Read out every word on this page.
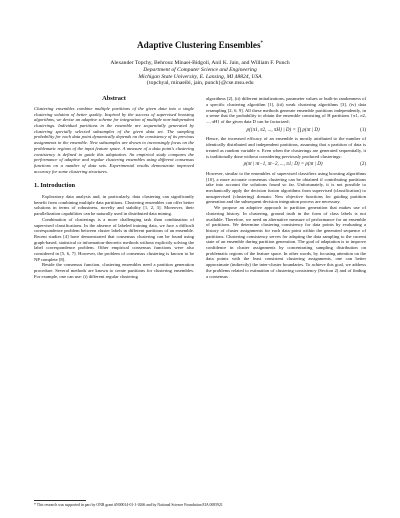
Adaptive Clustering Ensembles*

Alexander Topchy, Behrouz Minaei-Bidgoli, Anil K. Jain, and William F. Punch

Department of Computer Science and Engineering

Michigan State University, E. Lansing, MI 48824, USA

{topchyal, minaeibi, jain, punch}@cse.msu.edu

Abstract

Clustering ensembles combine multiple partitions of the given data into a single clustering solution of better quality. Inspired by the success of supervised boosting algorithms, we devise an adaptive scheme for integration of multiple non-independent clusterings. Individual partitions in the ensemble are sequentially generated by clustering specially selected subsamples of the given data set. The sampling probability for each data point dynamically depends on the consistency of its previous assignments in the ensemble. New subsamples are drawn to increasingly focus on the problematic regions of the input feature space. A measure of a data point's clustering consistency is defined to guide this adaptation. An empirical study compares the performance of adaptive and regular clustering ensembles using different consensus functions on a number of data sets. Experimental results demonstrate improved accuracy for some clustering structures.

1. Introduction

Exploratory data analysis and, in particularly, data clustering can significantly benefit from combining multiple data partitions. Clustering ensembles can offer better solutions in terms of robustness, novelty and stability [1, 2, 3]. Moreover, their parallelization capabilities can be naturally used in distributed data mining.

Combination of clusterings is a more challenging task than combination of supervised classifications. In the absence of labeled training data, we face a difficult correspondence problem between cluster labels in different partitions of an ensemble. Recent studies [4] have demonstrated that consensus clustering can be found using graph-based, statistical or information-theoretic methods without explicitly solving the label correspondence problem. Other empirical consensus functions were also considered in [5, 6, 7]. However, the problem of consensus clustering is known to be NP complete [8].

Beside the consensus function, clustering ensembles need a partition generation procedure. Several methods are known to create partitions for clustering ensembles. For example, one can use: (i) different regular clustering

algorithms [2], (ii) different initializations, parameter values or built-in randomness of a specific clustering algorithm [1], (iii) weak clustering algorithms [3], (iv) data resampling [2, 6, 9]. All these methods generate ensemble partitions independently, in a sense that the probability to obtain the ensemble consisting of H partitions {π1, π2, ..., πH} of the given data D can be factorized:

p({π1, π2, ..., πH} | D) = ∏ p(πt | D)	(1)

Hence, the increased efficacy of an ensemble is mostly attributed to the number of identically distributed and independent partitions, assuming that a partition of data is treated as random variable π. Even when the clusterings are generated sequentially, it is traditionally done without considering previously produced clusterings:

p(πt | πt−1, πt−2, ..., π1; D) = p(πt | D)	(2)

However, similar to the ensembles of supervised classifiers using boosting algorithms [10], a more accurate consensus clustering can be obtained if contributing partitions take into account the solutions found so far. Unfortunately, it is not possible to mechanically apply the decision fusion algorithms from supervised (classification) to unsupervised (clustering) domain. New objective functions for guiding partition generation and the subsequent decision integration process are necessary.

We propose an adaptive approach to partition generation that makes use of clustering history. In clustering, ground truth in the form of class labels is not available. Therefore, we need an alternative measure of performance for an ensemble of partitions. We determine clustering consistency for data points by evaluating a history of cluster assignments for each data point within the generated sequence of partitions. Clustering consistency serves for adapting the data sampling to the current state of an ensemble during partition generation. The goal of adaptation is to improve confidence in cluster assignments by concentrating sampling distribution on problematic regions of the feature space. In other words, by focusing attention on the data points with the least consistent clustering assignments, one can better approximate (indirectly) the inter-cluster boundaries. To achieve this goal, we address the problems related to estimation of clustering consistency (Section 2) and of finding a consensus

* This research was supported in part by ONR grant #N00014-01-1-0266 and by National Science Foundation EIA 0085921
